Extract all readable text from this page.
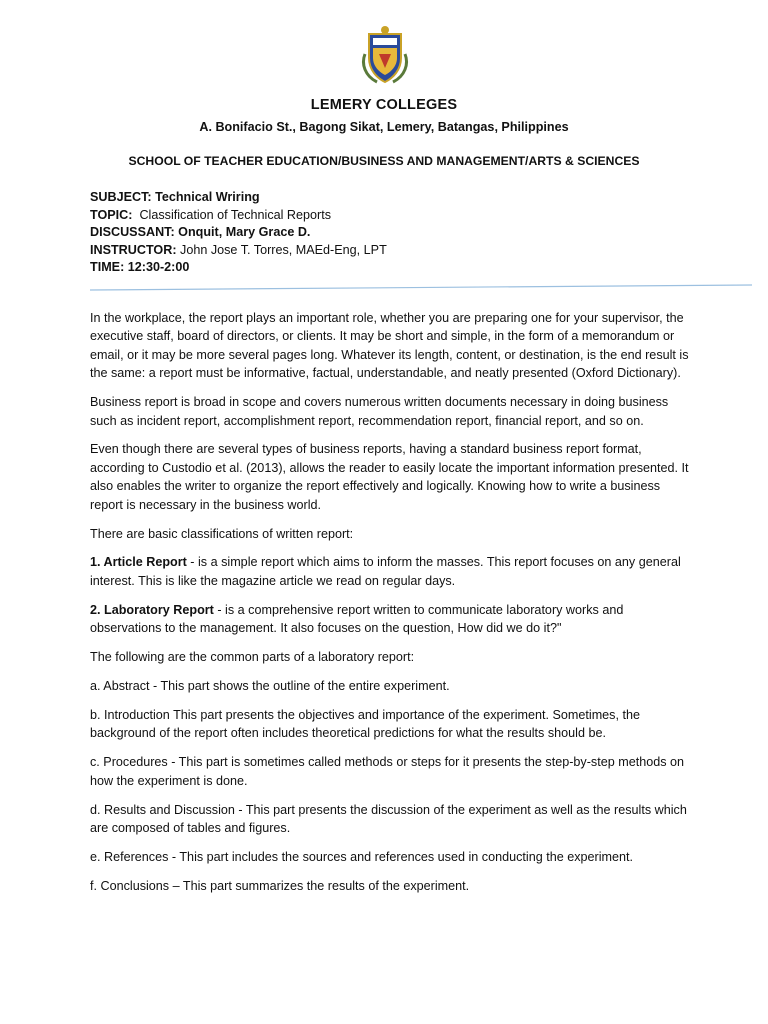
LEMERY COLLEGES
A. Bonifacio St., Bagong Sikat, Lemery, Batangas, Philippines
SCHOOL OF TEACHER EDUCATION/BUSINESS AND MANAGEMENT/ARTS & SCIENCES
SUBJECT: Technical Wriring
TOPIC:  Classification of Technical Reports
DISCUSSANT: Onquit, Mary Grace D.
INSTRUCTOR: John Jose T. Torres, MAEd-Eng, LPT
TIME: 12:30-2:00

In the workplace, the report plays an important role, whether you are preparing one for your supervisor, the executive staff, board of directors, or clients. It may be short and simple, in the form of a memorandum or email, or it may be more several pages long. Whatever its length, content, or destination, is the end result is the same: a report must be informative, factual, understandable, and neatly presented (Oxford Dictionary).

Business report is broad in scope and covers numerous written documents necessary in doing business such as incident report, accomplishment report, recommendation report, financial report, and so on.

Even though there are several types of business reports, having a standard business report format, according to Custodio et al. (2013), allows the reader to easily locate the important information presented. It also enables the writer to organize the report effectively and logically. Knowing how to write a business report is necessary in the business world.

There are basic classifications of written report:

1. Article Report - is a simple report which aims to inform the masses. This report focuses on any general interest. This is like the magazine article we read on regular days.

2. Laboratory Report - is a comprehensive report written to communicate laboratory works and observations to the management. It also focuses on the question, How did we do it?"

The following are the common parts of a laboratory report:

a. Abstract - This part shows the outline of the entire experiment.

b. Introduction This part presents the objectives and importance of the experiment. Sometimes, the background of the report often includes theoretical predictions for what the results should be.

c. Procedures - This part is sometimes called methods or steps for it presents the step-by-step methods on how the experiment is done.

d. Results and Discussion - This part presents the discussion of the experiment as well as the results which are composed of tables and figures.

e. References - This part includes the sources and references used in conducting the experiment.

f. Conclusions – This part summarizes the results of the experiment.
